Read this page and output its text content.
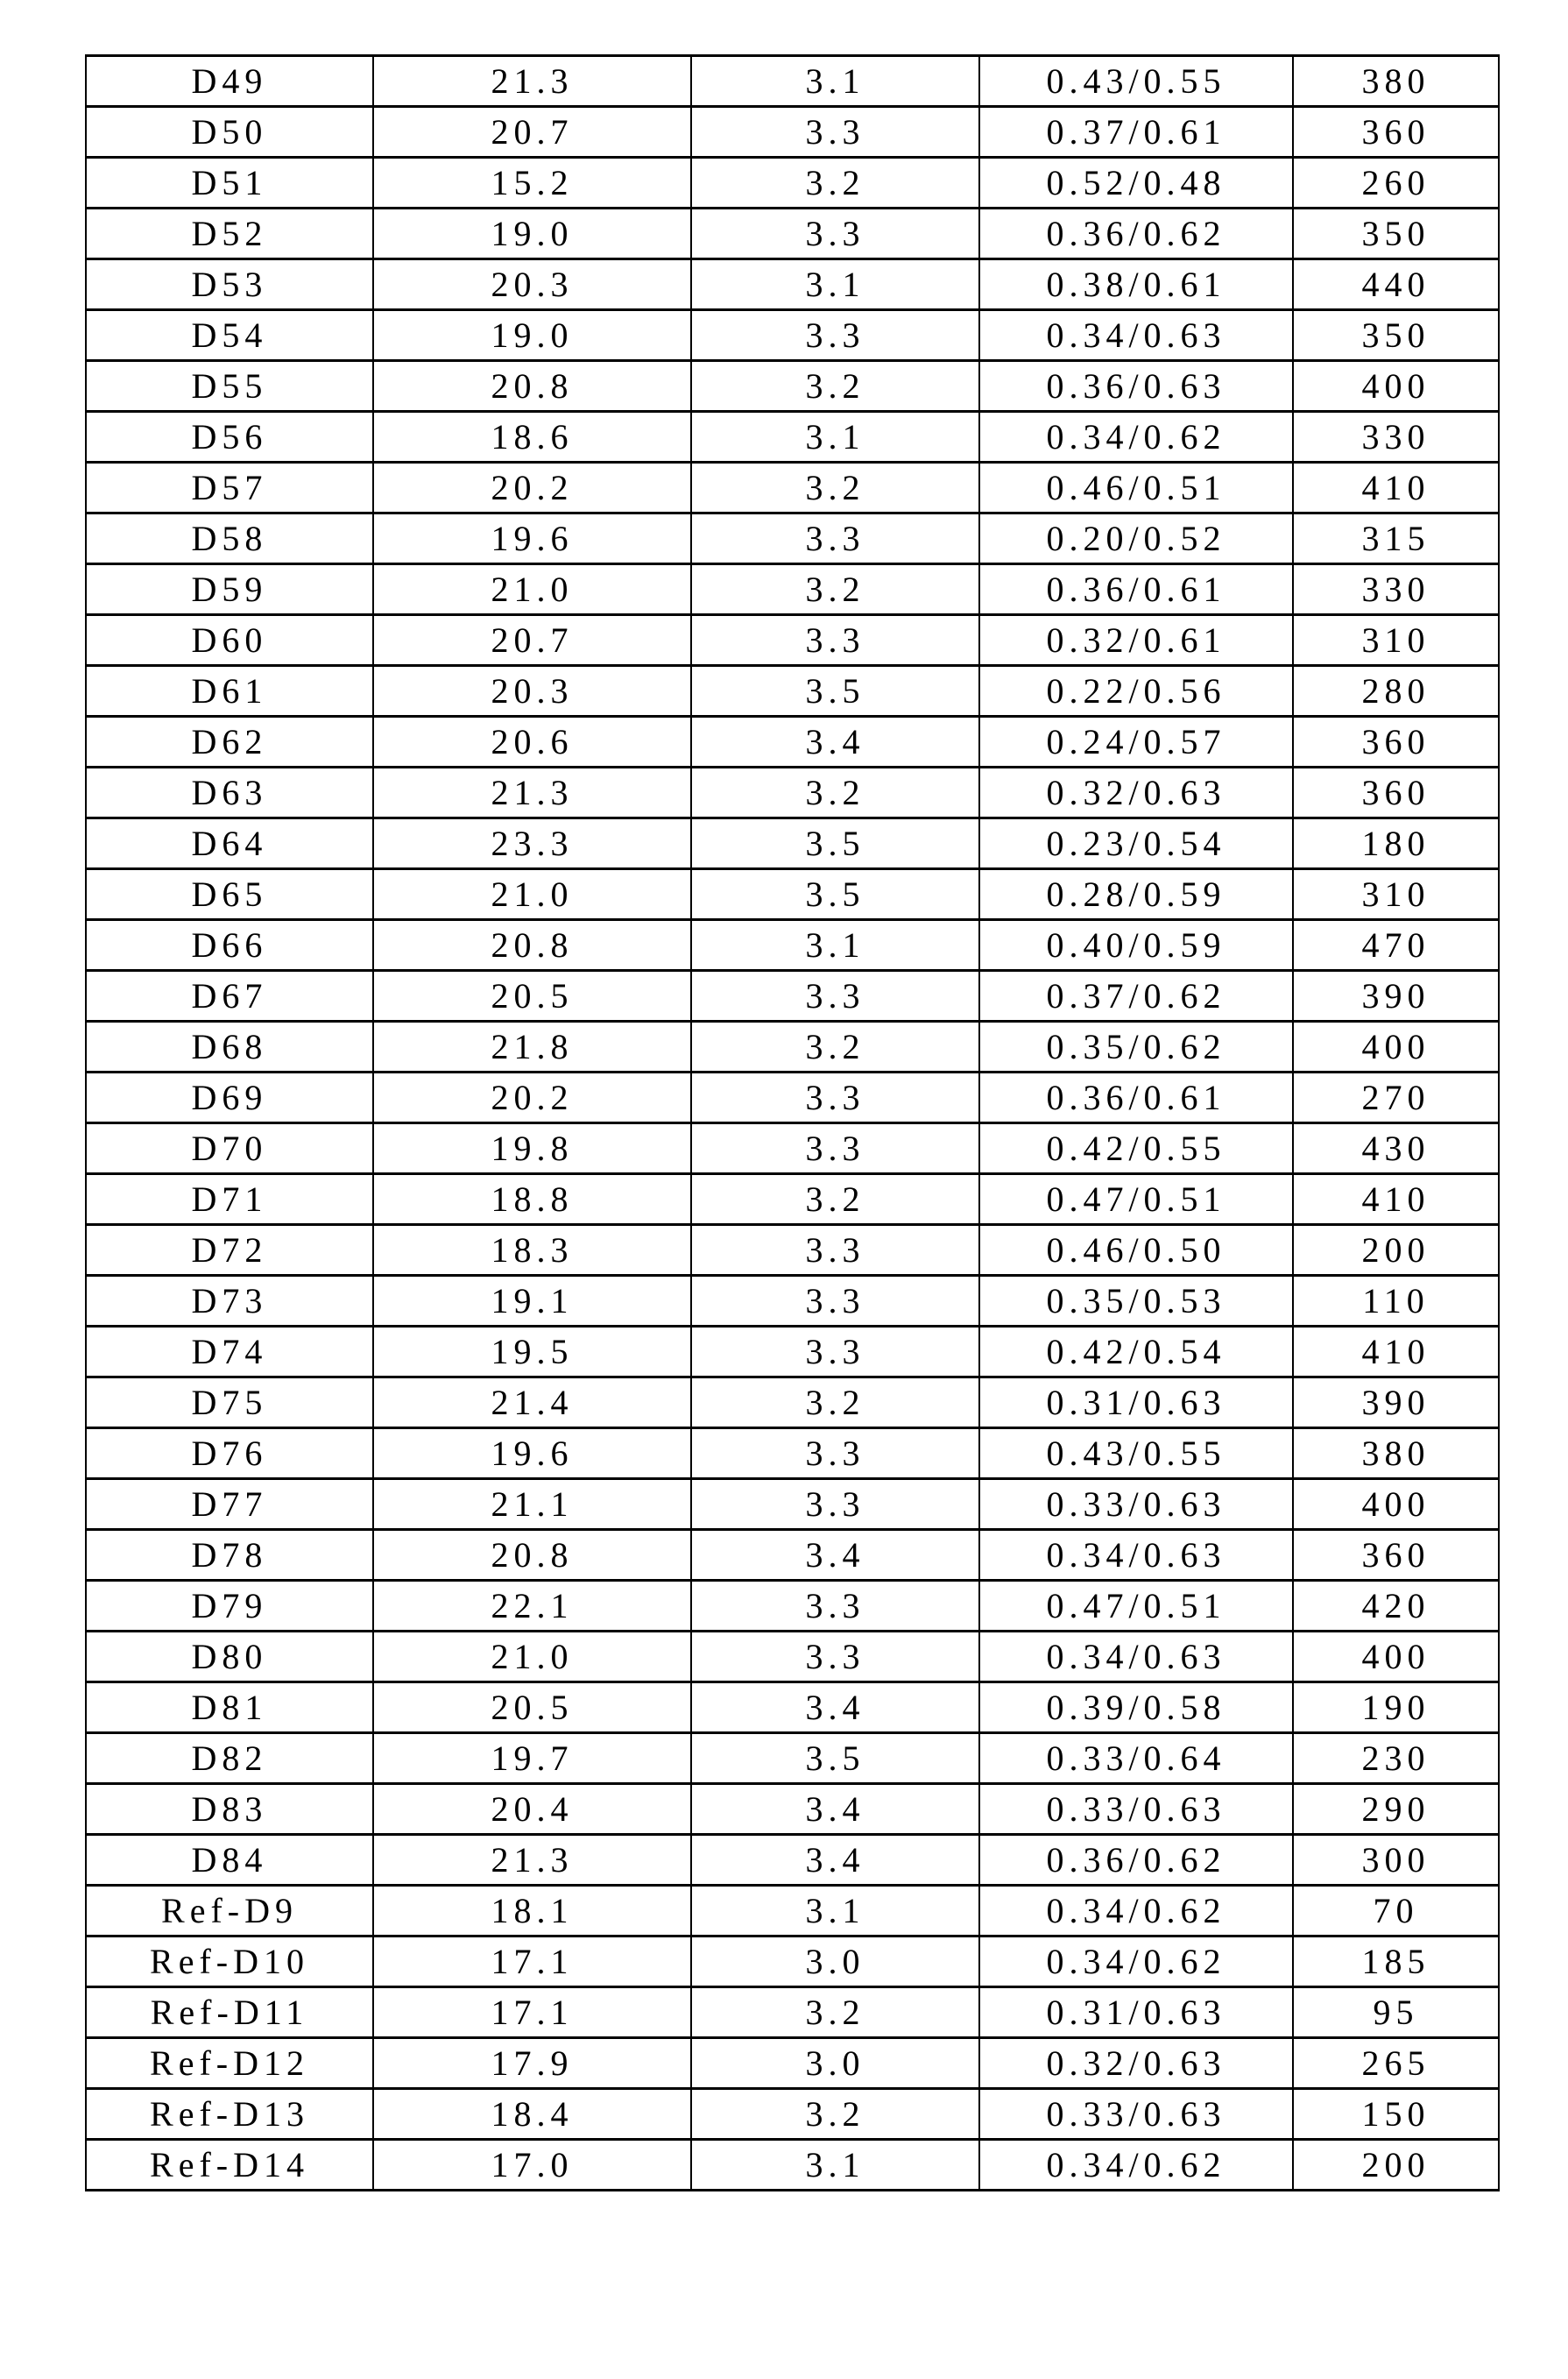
D49	21.3	3.1	0.43/0.55	380
D50	20.7	3.3	0.37/0.61	360
D51	15.2	3.2	0.52/0.48	260
D52	19.0	3.3	0.36/0.62	350
D53	20.3	3.1	0.38/0.61	440
D54	19.0	3.3	0.34/0.63	350
D55	20.8	3.2	0.36/0.63	400
D56	18.6	3.1	0.34/0.62	330
D57	20.2	3.2	0.46/0.51	410
D58	19.6	3.3	0.20/0.52	315
D59	21.0	3.2	0.36/0.61	330
D60	20.7	3.3	0.32/0.61	310
D61	20.3	3.5	0.22/0.56	280
D62	20.6	3.4	0.24/0.57	360
D63	21.3	3.2	0.32/0.63	360
D64	23.3	3.5	0.23/0.54	180
D65	21.0	3.5	0.28/0.59	310
D66	20.8	3.1	0.40/0.59	470
D67	20.5	3.3	0.37/0.62	390
D68	21.8	3.2	0.35/0.62	400
D69	20.2	3.3	0.36/0.61	270
D70	19.8	3.3	0.42/0.55	430
D71	18.8	3.2	0.47/0.51	410
D72	18.3	3.3	0.46/0.50	200
D73	19.1	3.3	0.35/0.53	110
D74	19.5	3.3	0.42/0.54	410
D75	21.4	3.2	0.31/0.63	390
D76	19.6	3.3	0.43/0.55	380
D77	21.1	3.3	0.33/0.63	400
D78	20.8	3.4	0.34/0.63	360
D79	22.1	3.3	0.47/0.51	420
D80	21.0	3.3	0.34/0.63	400
D81	20.5	3.4	0.39/0.58	190
D82	19.7	3.5	0.33/0.64	230
D83	20.4	3.4	0.33/0.63	290
D84	21.3	3.4	0.36/0.62	300
Ref-D9	18.1	3.1	0.34/0.62	70
Ref-D10	17.1	3.0	0.34/0.62	185
Ref-D11	17.1	3.2	0.31/0.63	95
Ref-D12	17.9	3.0	0.32/0.63	265
Ref-D13	18.4	3.2	0.33/0.63	150
Ref-D14	17.0	3.1	0.34/0.62	200
